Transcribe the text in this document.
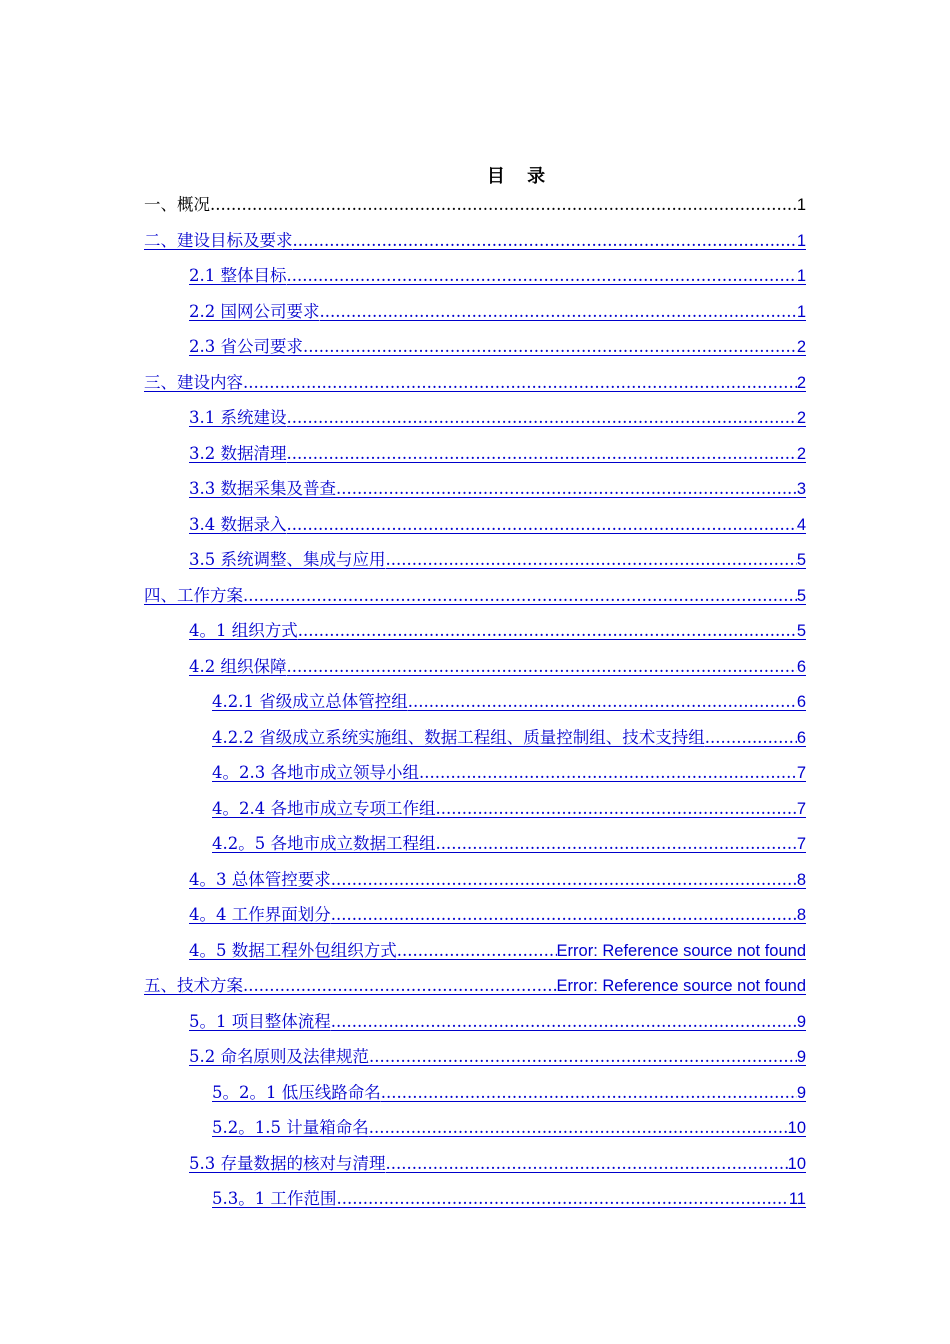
目 录
一、概况 .....	1
二、建设目标及要求 .....	1
2.1 整体目标 .....	1
2.2 国网公司要求 .....	1
2.3 省公司要求 .....	2
三、建设内容 .....	2
3.1 系统建设 .....	2
3.2 数据清理 .....	2
3.3 数据采集及普查 .....	3
3.4 数据录入 .....	4
3.5 系统调整、集成与应用 .....	5
四、工作方案 .....	5
4。1 组织方式 .....	5
4.2 组织保障 .....	6
4.2.1 省级成立总体管控组 .....	6
4.2.2 省级成立系统实施组、数据工程组、质量控制组、技术支持组 .....	6
4。2.3 各地市成立领导小组 .....	7
4。2.4 各地市成立专项工作组 .....	7
4.2。5 各地市成立数据工程组 .....	7
4。3 总体管控要求 .....	8
4。4 工作界面划分 .....	8
4。5 数据工程外包组织方式 .....	Error: Reference source not found
五、技术方案 .....	Error: Reference source not found
5。1 项目整体流程 .....	9
5.2 命名原则及法律规范 .....	9
5。2。1 低压线路命名 .....	9
5.2。1.5 计量箱命名 .....	10
5.3 存量数据的核对与清理 .....	10
5.3。1 工作范围 .....	11
